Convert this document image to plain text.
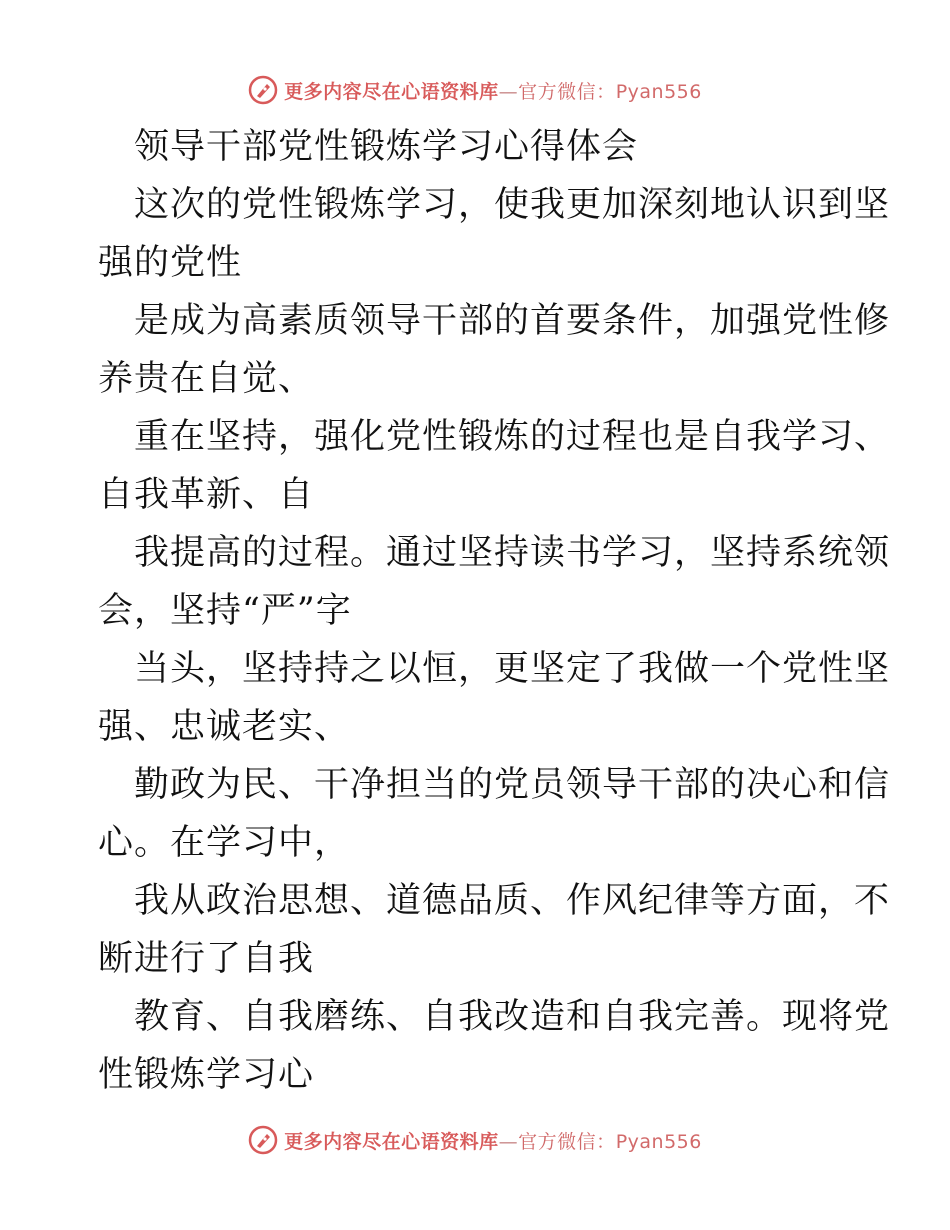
更多内容尽在心语资料库—官方微信：Pyan556
领导干部党性锻炼学习心得体会
这次的党性锻炼学习，使我更加深刻地认识到坚
强的党性
是成为高素质领导干部的首要条件，加强党性修
养贵在自觉、
重在坚持，强化党性锻炼的过程也是自我学习、
自我革新、自
我提高的过程。通过坚持读书学习，坚持系统领
会，坚持“严”字
当头，坚持持之以恒，更坚定了我做一个党性坚
强、忠诚老实、
勤政为民、干净担当的党员领导干部的决心和信
心。在学习中，
我从政治思想、道德品质、作风纪律等方面，不
断进行了自我
教育、自我磨练、自我改造和自我完善。现将党
性锻炼学习心
更多内容尽在心语资料库—官方微信：Pyan556
